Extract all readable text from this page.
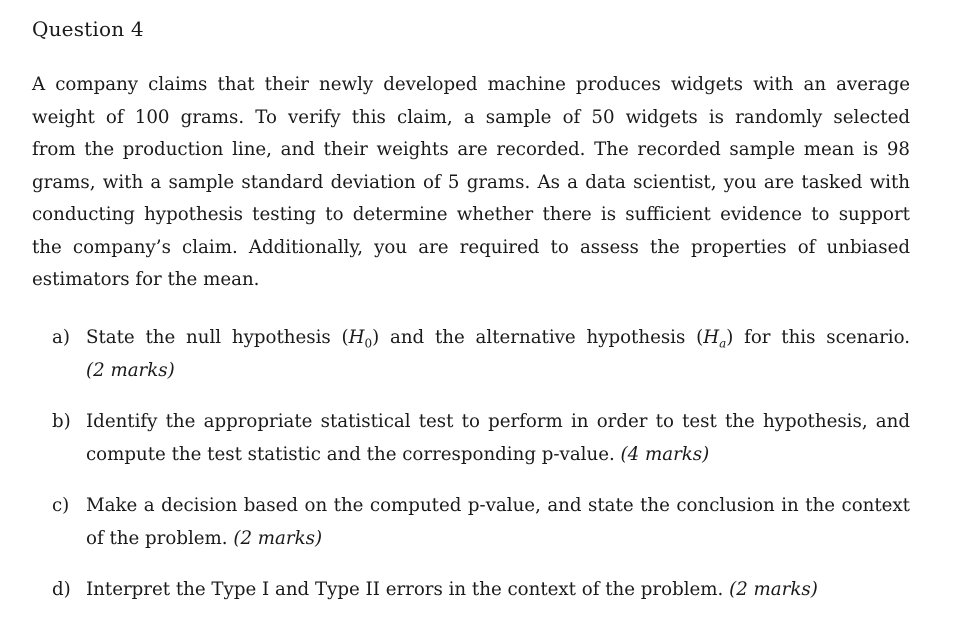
Question 4

A company claims that their newly developed machine produces widgets with an average
weight of 100 grams. To verify this claim, a sample of 50 widgets is randomly selected
from the production line, and their weights are recorded. The recorded sample mean is 98
grams, with a sample standard deviation of 5 grams. As a data scientist, you are tasked with
conducting hypothesis testing to determine whether there is sufficient evidence to support
the company’s claim. Additionally, you are required to assess the properties of unbiased
estimators for the mean.

a) State the null hypothesis $(H_0)$ and the alternative hypothesis $(H_a)$ for this scenario.
(2 marks)
b) Identify the appropriate statistical test to perform in order to test the hypothesis, and
compute the test statistic and the corresponding p-value. (4 marks)
c) Make a decision based on the computed p-value, and state the conclusion in the context
of the problem. (2 marks)
d) Interpret the Type I and Type II errors in the context of the problem. (2 marks)
